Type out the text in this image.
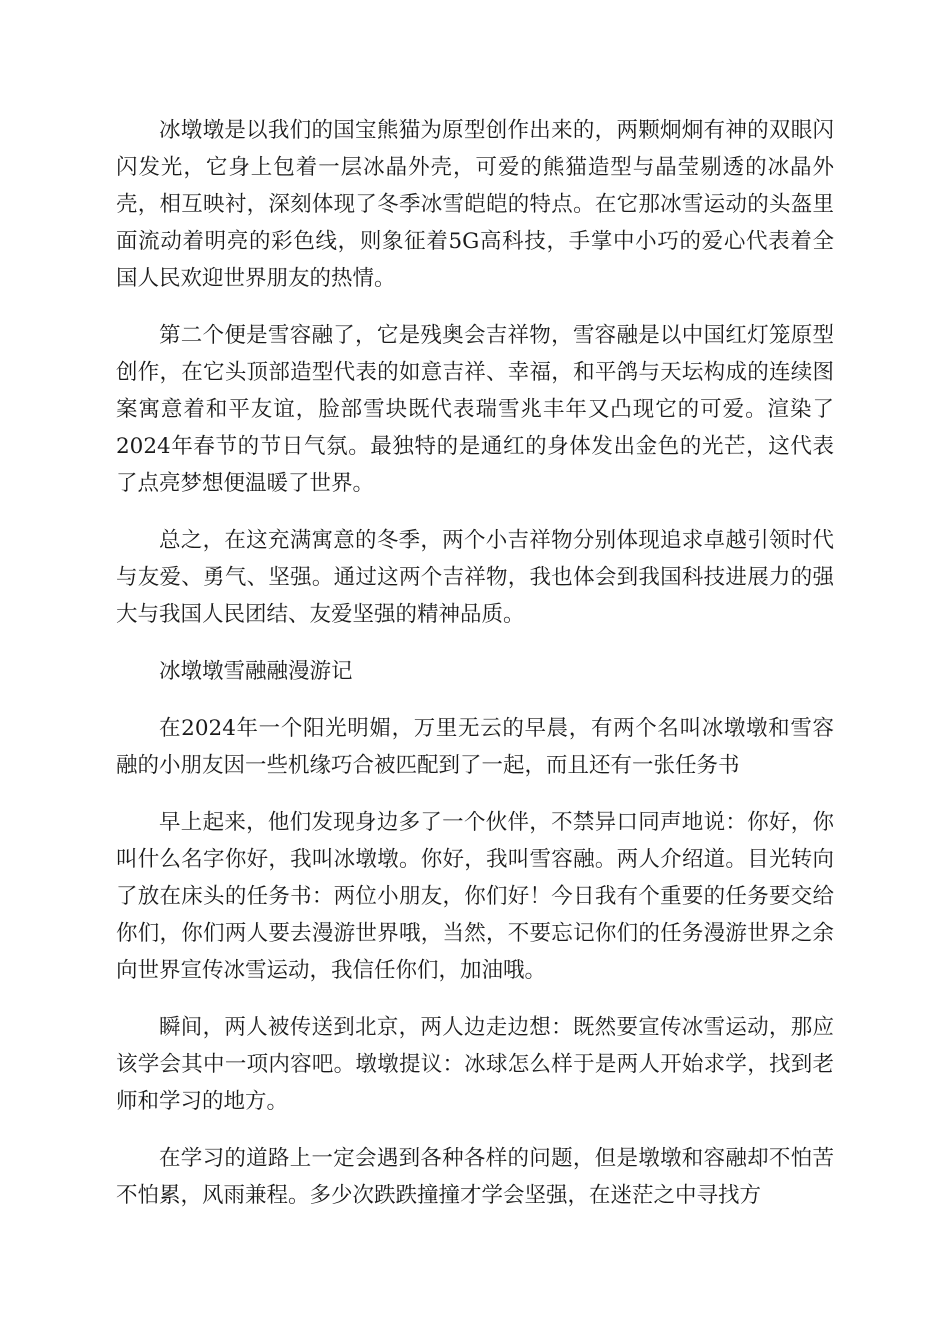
冰墩墩是以我们的国宝熊猫为原型创作出来的，两颗炯炯有神的双眼闪闪发光，它身上包着一层冰晶外壳，可爱的熊猫造型与晶莹剔透的冰晶外壳，相互映衬，深刻体现了冬季冰雪皑皑的特点。在它那冰雪运动的头盔里面流动着明亮的彩色线，则象征着5G高科技，手掌中小巧的爱心代表着全国人民欢迎世界朋友的热情。

第二个便是雪容融了，它是残奥会吉祥物，雪容融是以中国红灯笼原型创作，在它头顶部造型代表的如意吉祥、幸福，和平鸽与天坛构成的连续图案寓意着和平友谊，脸部雪块既代表瑞雪兆丰年又凸现它的可爱。渲染了2024年春节的节日气氛。最独特的是通红的身体发出金色的光芒，这代表了点亮梦想便温暖了世界。

总之，在这充满寓意的冬季，两个小吉祥物分别体现追求卓越引领时代与友爱、勇气、坚强。通过这两个吉祥物，我也体会到我国科技进展力的强大与我国人民团结、友爱坚强的精神品质。

冰墩墩雪融融漫游记

在2024年一个阳光明媚，万里无云的早晨，有两个名叫冰墩墩和雪容融的小朋友因一些机缘巧合被匹配到了一起，而且还有一张任务书

早上起来，他们发现身边多了一个伙伴，不禁异口同声地说：你好，你叫什么名字你好，我叫冰墩墩。你好，我叫雪容融。两人介绍道。目光转向了放在床头的任务书：两位小朋友，你们好！今日我有个重要的任务要交给你们，你们两人要去漫游世界哦，当然，不要忘记你们的任务漫游世界之余向世界宣传冰雪运动，我信任你们，加油哦。

瞬间，两人被传送到北京，两人边走边想：既然要宣传冰雪运动，那应该学会其中一项内容吧。墩墩提议：冰球怎么样于是两人开始求学，找到老师和学习的地方。

在学习的道路上一定会遇到各种各样的问题，但是墩墩和容融却不怕苦不怕累，风雨兼程。多少次跌跌撞撞才学会坚强，在迷茫之中寻找方
